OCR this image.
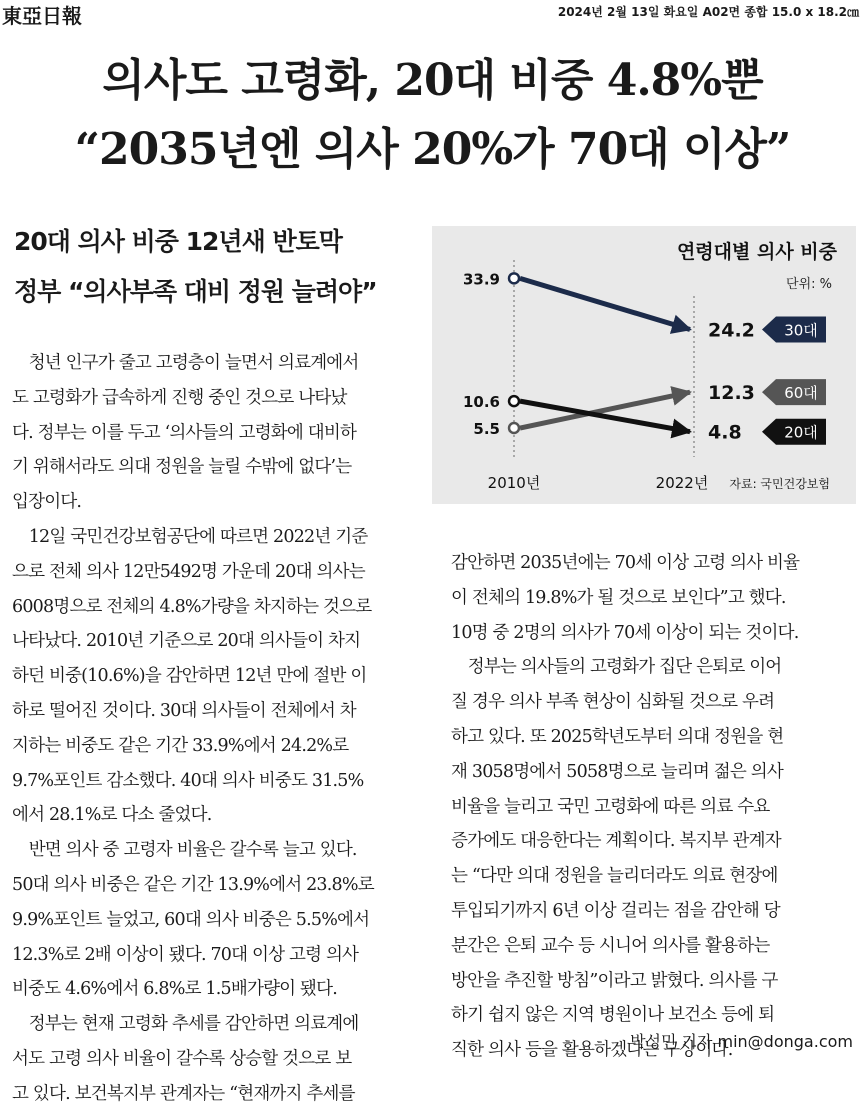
東亞日報	2024년 2월 13일 화요일 A02면 종합 15.0 x 18.2㎝
의사도 고령화, 20대 비중 4.8%뿐
“2035년엔 의사 20%가 70대 이상”
20대 의사 비중 12년새 반토막
정부 “의사부족 대비 정원 늘려야”
 청년 인구가 줄고 고령층이 늘면서 의료계에서
도 고령화가 급속하게 진행 중인 것으로 나타났
다. 정부는 이를 두고 ‘의사들의 고령화에 대비하
기 위해서라도 의대 정원을 늘릴 수밖에 없다’는
입장이다.
 12일 국민건강보험공단에 따르면 2022년 기준
으로 전체 의사 12만5492명 가운데 20대 의사는
6008명으로 전체의 4.8%가량을 차지하는 것으로
나타났다. 2010년 기준으로 20대 의사들이 차지
하던 비중(10.6%)을 감안하면 12년 만에 절반 이
하로 떨어진 것이다. 30대 의사들이 전체에서 차
지하는 비중도 같은 기간 33.9%에서 24.2%로
9.7%포인트 감소했다. 40대 의사 비중도 31.5%
에서 28.1%로 다소 줄었다.
 반면 의사 중 고령자 비율은 갈수록 늘고 있다.
50대 의사 비중은 같은 기간 13.9%에서 23.8%로
9.9%포인트 늘었고, 60대 의사 비중은 5.5%에서
12.3%로 2배 이상이 됐다. 70대 이상 고령 의사
비중도 4.6%에서 6.8%로 1.5배가량이 됐다.
 정부는 현재 고령화 추세를 감안하면 의료계에
서도 고령 의사 비율이 갈수록 상승할 것으로 보
고 있다. 보건복지부 관계자는 “현재까지 추세를
연령대별 의사 비중
단위: %
2010년	2022년 자료: 국민건강보험
33.9
24.2 30대
5.5
12.3 60대
10.6
4.8	20대
감안하면 2035년에는 70세 이상 고령 의사 비율
이 전체의 19.8%가 될 것으로 보인다”고 했다.
10명 중 2명의 의사가 70세 이상이 되는 것이다.
 정부는 의사들의 고령화가 집단 은퇴로 이어
질 경우 의사 부족 현상이 심화될 것으로 우려
하고 있다. 또 2025학년도부터 의대 정원을 현
재 3058명에서 5058명으로 늘리며 젊은 의사
비율을 늘리고 국민 고령화에 따른 의료 수요
증가에도 대응한다는 계획이다. 복지부 관계자
는 “다만 의대 정원을 늘리더라도 의료 현장에
투입되기까지 6년 이상 걸리는 점을 감안해 당
분간은 은퇴 교수 등 시니어 의사를 활용하는
방안을 추진할 방침”이라고 밝혔다. 의사를 구
하기 쉽지 않은 지역 병원이나 보건소 등에 퇴
직한 의사 등을 활용하겠다는 구상이다.
박성민 기자 min@donga.com
